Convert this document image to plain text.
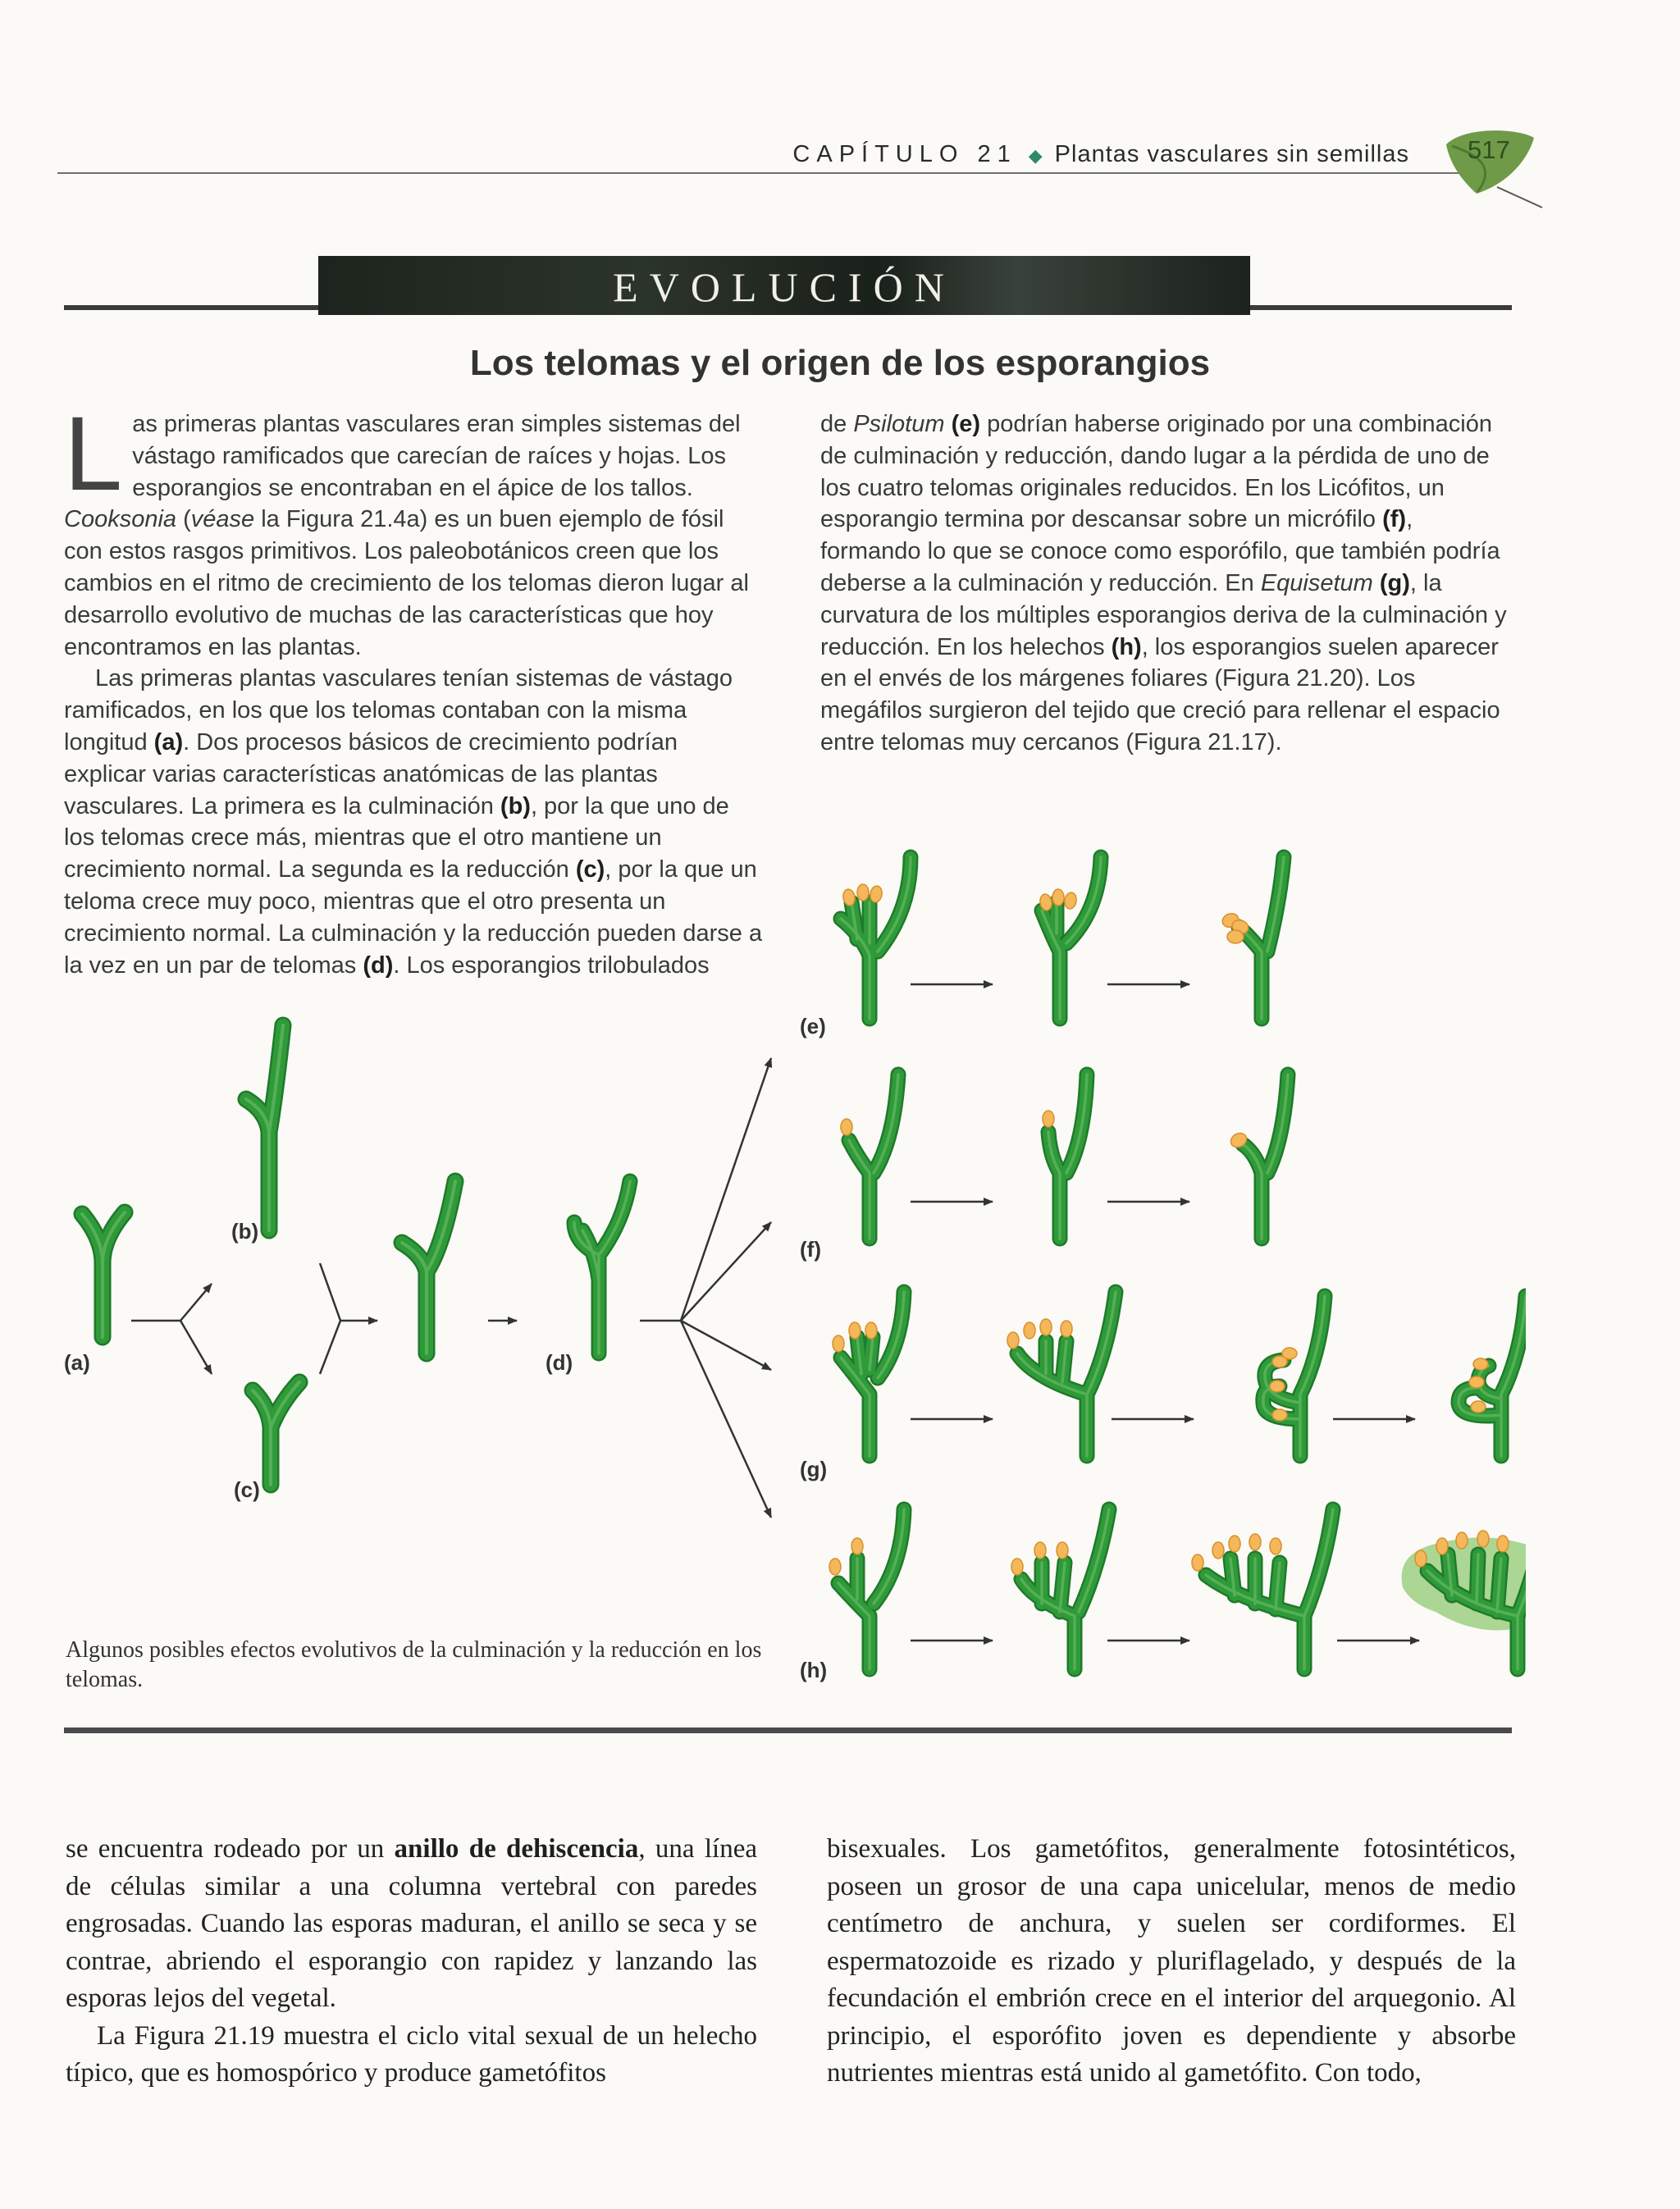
CAPÍTULO 21 ◆ Plantas vasculares sin semillas 517
EVOLUCIÓN
Los telomas y el origen de los esporangios

Las primeras plantas vasculares eran simples sistemas del vástago ramificados que carecían de raíces y hojas. Los esporangios se encontraban en el ápice de los tallos. Cooksonia (véase la Figura 21.4a) es un buen ejemplo de fósil con estos rasgos primitivos. Los paleobotánicos creen que los cambios en el ritmo de crecimiento de los telomas dieron lugar al desarrollo evolutivo de muchas de las características que hoy encontramos en las plantas.

Las primeras plantas vasculares tenían sistemas de vástago ramificados, en los que los telomas contaban con la misma longitud (a). Dos procesos básicos de crecimiento podrían explicar varias características anatómicas de las plantas vasculares. La primera es la culminación (b), por la que uno de los telomas crece más, mientras que el otro mantiene un crecimiento normal. La segunda es la reducción (c), por la que un teloma crece muy poco, mientras que el otro presenta un crecimiento normal. La culminación y la reducción pueden darse a la vez en un par de telomas (d). Los esporangios trilobulados

de Psilotum (e) podrían haberse originado por una combinación de culminación y reducción, dando lugar a la pérdida de uno de los cuatro telomas originales reducidos. En los Licófitos, un esporangio termina por descansar sobre un micrófilo (f), formando lo que se conoce como esporófilo, que también podría deberse a la culminación y reducción. En Equisetum (g), la curvatura de los múltiples esporangios deriva de la culminación y reducción. En los helechos (h), los esporangios suelen aparecer en el envés de los márgenes foliares (Figura 21.20). Los megáfilos surgieron del tejido que creció para rellenar el espacio entre telomas muy cercanos (Figura 21.17).

(a)
(b)
(c)
(d)
(e)
(f)
(g)
(h)
Algunos posibles efectos evolutivos de la culminación y la reducción en los telomas.

se encuentra rodeado por un anillo de dehiscencia, una línea de células similar a una columna vertebral con paredes engrosadas. Cuando las esporas maduran, el anillo se seca y se contrae, abriendo el esporangio con rapidez y lanzando las esporas lejos del vegetal.

La Figura 21.19 muestra el ciclo vital sexual de un helecho típico, que es homospórico y produce gametófitos

bisexuales. Los gametófitos, generalmente fotosintéticos, poseen un grosor de una capa unicelular, menos de medio centímetro de anchura, y suelen ser cordiformes. El espermatozoide es rizado y pluriflagelado, y después de la fecundación el embrión crece en el interior del arquegonio. Al principio, el esporófito joven es dependiente y absorbe nutrientes mientras está unido al gametófito. Con todo,
